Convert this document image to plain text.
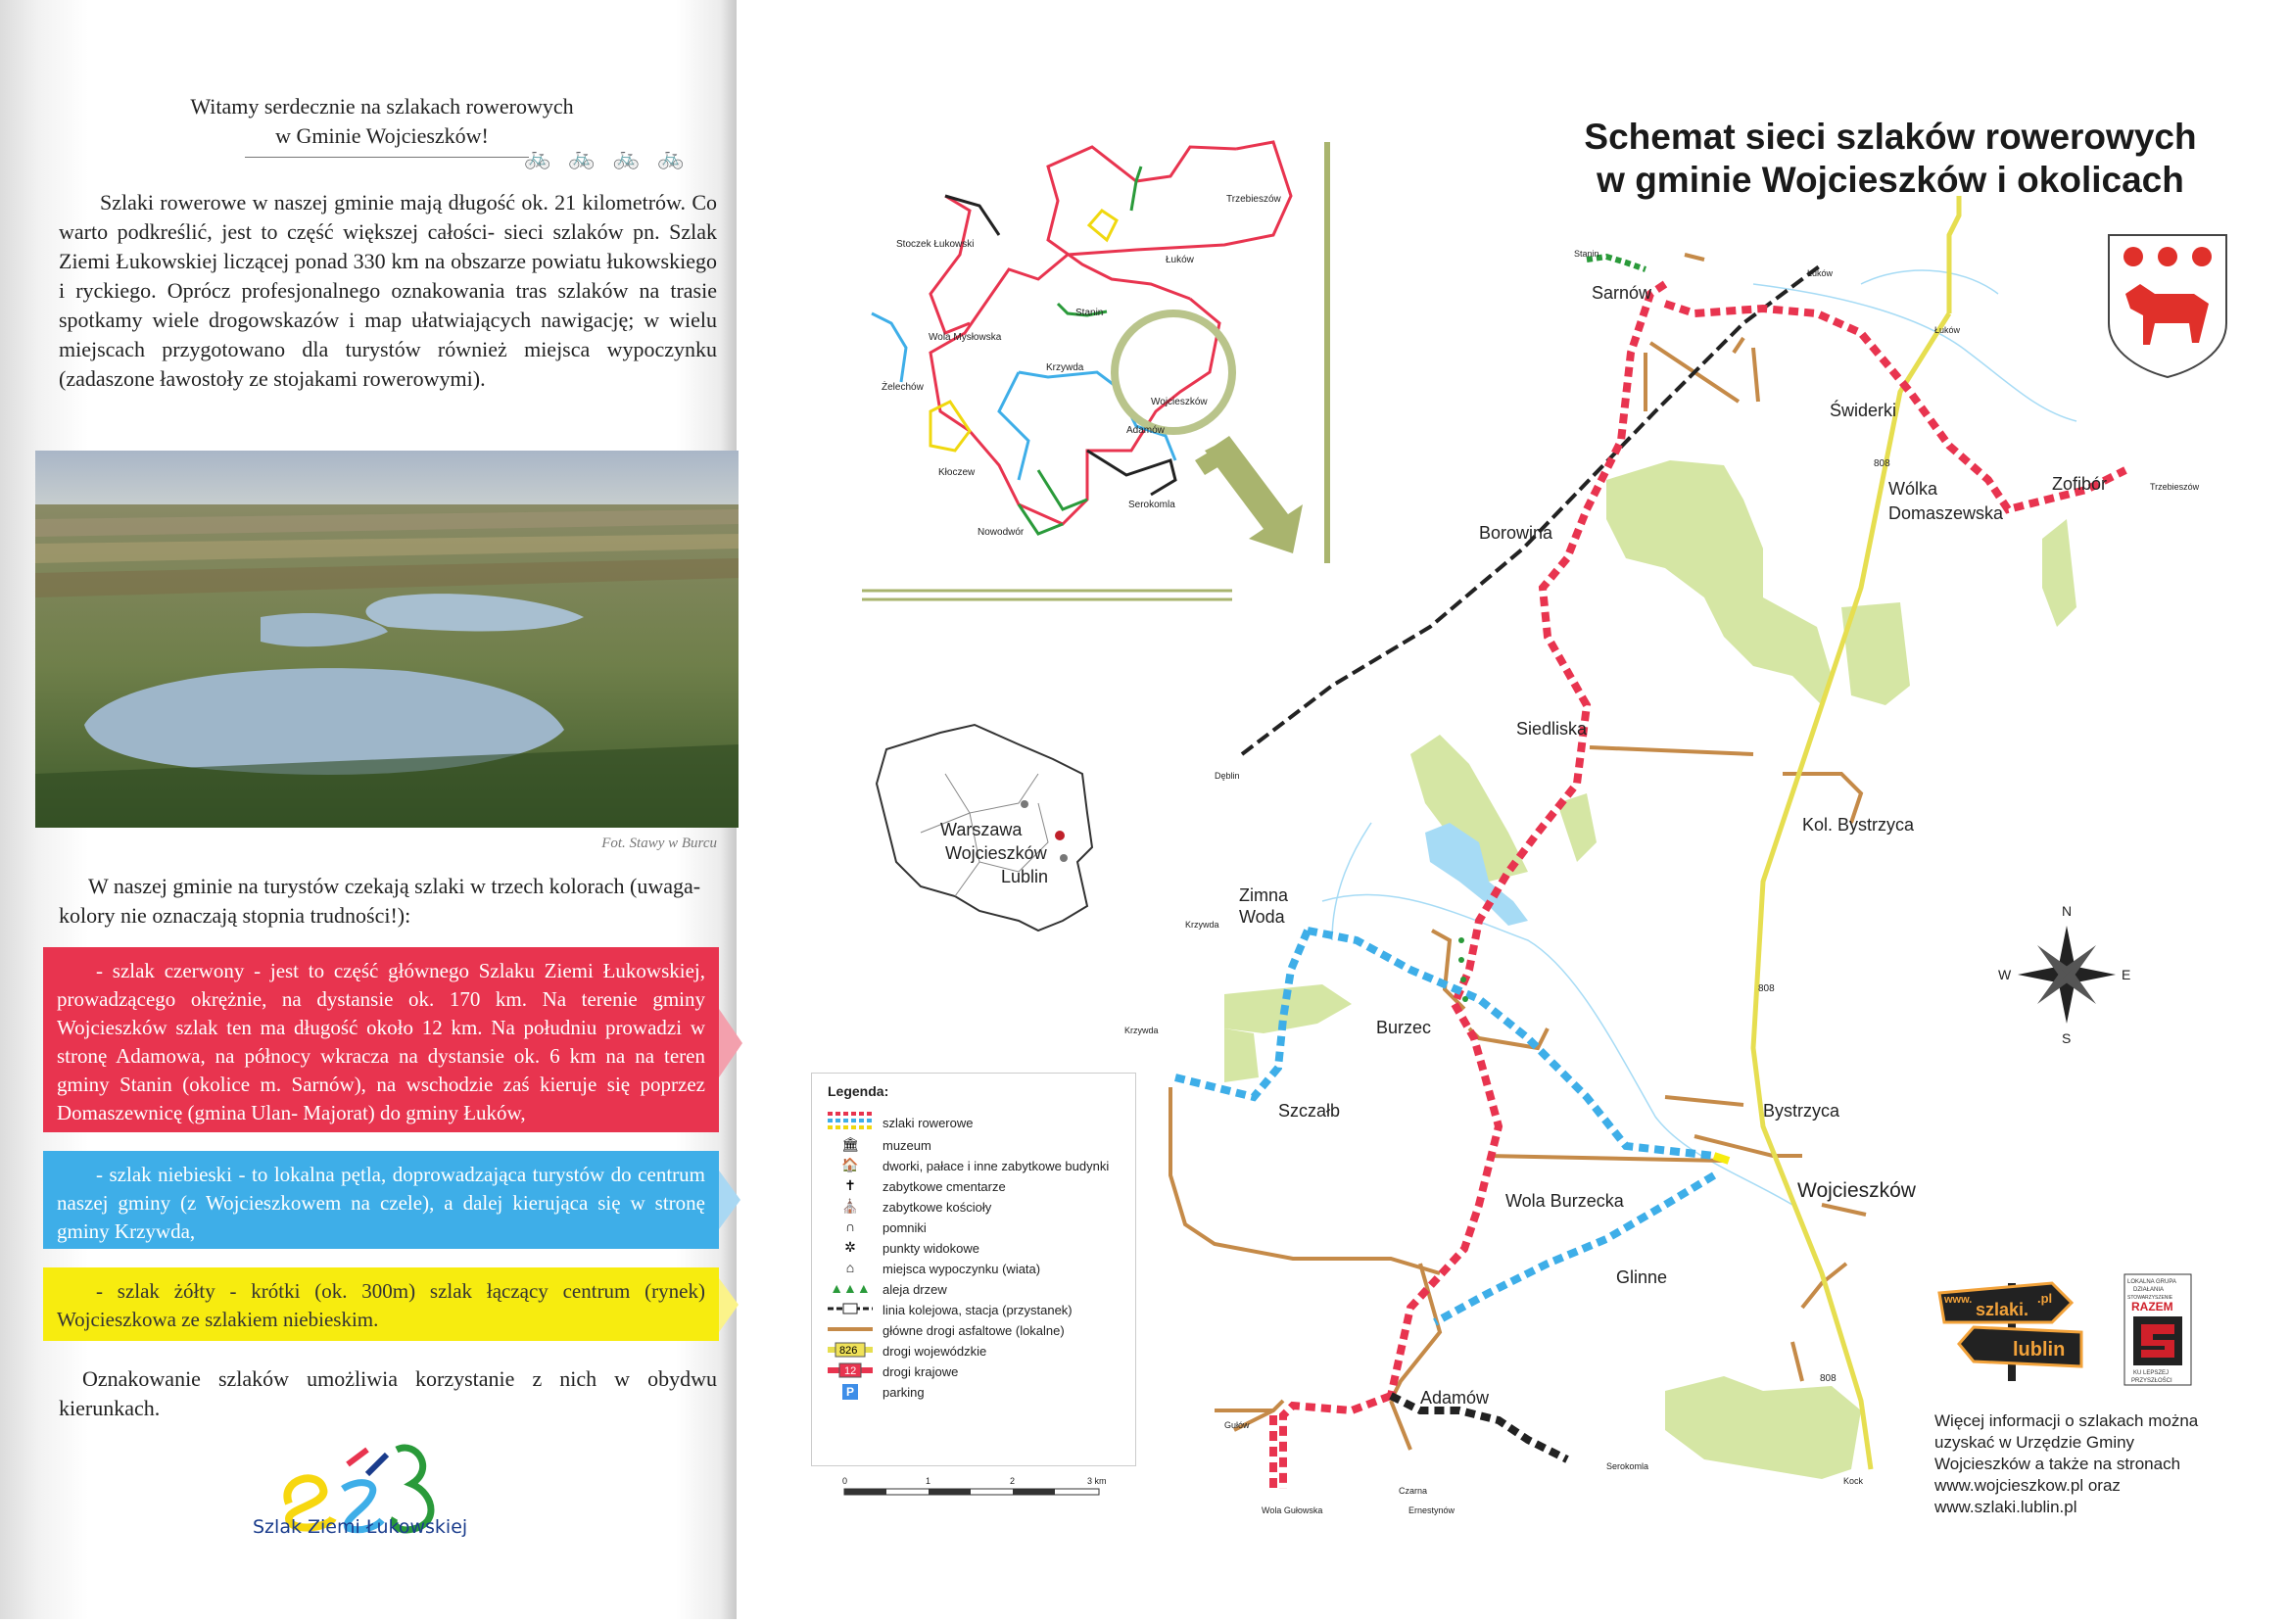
Witamy serdecznie na szlakach rowerowych
w Gminie Wojcieszków!
🚲🚲🚲🚲
Szlaki rowerowe w naszej gminie mają długość ok. 21 kilometrów. Co warto podkreślić, jest to część większej całości- sieci szlaków pn. Szlak Ziemi Łukowskiej liczącej ponad 330 km na obszarze powiatu łukowskiego i ryckiego. Oprócz profesjonalnego oznakowania tras szlaków na trasie spotkamy wiele drogowskazów i map ułatwiających nawigację; w wielu miejscach przygotowano dla turystów również miejsca wypoczynku (zadaszone ławostoły ze stojakami rowerowymi).
Fot. Stawy w Burcu
W naszej gminie na turystów czekają szlaki w trzech kolorach (uwaga- kolory nie oznaczają stopnia trudności!):
- szlak czerwony - jest to część głównego Szlaku Ziemi Łukowskiej, prowadzącego okrężnie, na dystansie ok. 170 km. Na terenie gminy Wojcieszków szlak ten ma długość około 12 km. Na południu prowadzi w stronę Adamowa, na północy wkracza na dystansie ok. 6 km na na teren gminy Stanin (okolice m. Sarnów), na wschodzie zaś kieruje się poprzez Domaszewnicę (gmina Ulan- Majorat) do gminy Łuków,
- szlak niebieski - to lokalna pętla, doprowadzająca turystów do centrum naszej gminy (z Wojcieszkowem na czele), a dalej kierująca się w stronę gminy Krzywda,
- szlak żółty - krótki (ok. 300m) szlak łączący centrum (rynek) Wojcieszkowa ze szlakiem niebieskim.
Oznakowanie szlaków umożliwia korzystanie z nich w obydwu kierunkach.
Szlak Ziemi Łukowskiej
Trzebieszów
Stoczek Łukowski
Łuków
Stanin
Wola Mysłowska
Krzywda
Wojcieszków
Żelechów
Adamów
Kłoczew
Serokomla
Nowodwór
Warszawa
Wojcieszków
Lublin
Sarnów
Świderki
Zofibór
Wólka
Domaszewska
Borowina
Siedliska
Kol. Bystrzyca
Zimna
Woda
Burzec
Szczałb	Bystrzyca
Wojcieszków
Wola Burzecka
Glinne
Adamów
Stanin
Łuków
Łuków
Trzebieszów
Dęblin
Krzywda
Krzywda
Gułów
Wola Gułowska
Czarna
Ernestynów
Serokomla
Kock
808
808
808
N
E
S
W
0	1	2	3 km
Schemat sieci szlaków rowerowych
w gminie Wojcieszków i okolicach
Legenda:
szlaki rowerowe
🏛	muzeum
🏠	dworki, pałace i inne zabytkowe budynki
✝	zabytkowe cmentarze
⛪	zabytkowe kościoły
∩	pomniki
✲	punkty widokowe
⌂	miejsca wypoczynku (wiata)
▲▲▲ aleja drzew
linia kolejowa, stacja (przystanek)
główne drogi asfaltowe (lokalne)
826 drogi wojewódzkie
12 drogi krajowe
P	parking
www. szlaki.
.pl
lublin
LOKALNA GRUPA
DZIAŁANIA
STOWARZYSZENIE
RAZEM
KU LEPSZEJ
PRZYSZŁOŚCI
Więcej informacji o szlakach można
uzyskać w Urzędzie Gminy
Wojcieszków a także na stronach
www.wojcieszkow.pl oraz
www.szlaki.lublin.pl
